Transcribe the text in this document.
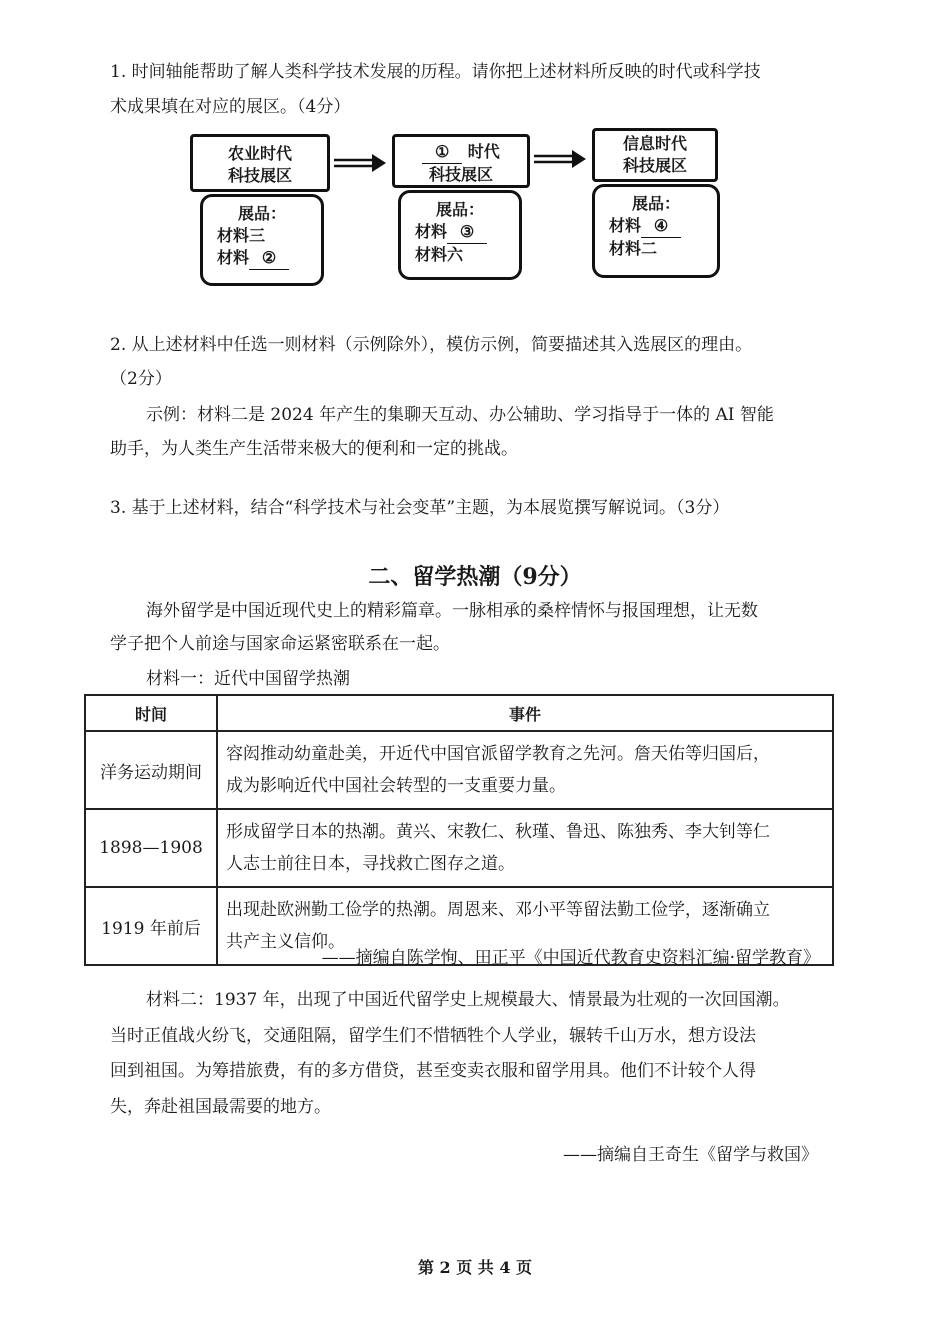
1. 时间轴能帮助了解人类科学技术发展的历程。请你把上述材料所反映的时代或科学技
术成果填在对应的展区。（4分）
农业时代
科技展区
① 时代
科技展区
信息时代
科技展区
展品：
材料三
材料 ②
展品：
材料 ③
材料六
展品：
材料 ④
材料二
2. 从上述材料中任选一则材料（示例除外），模仿示例，简要描述其入选展区的理由。
（2分）
示例：材料二是 2024 年产生的集聊天互动、办公辅助、学习指导于一体的 AI 智能
助手，为人类生产生活带来极大的便利和一定的挑战。
3. 基于上述材料，结合“科学技术与社会变革”主题，为本展览撰写解说词。（3分）
二、留学热潮（9分）
海外留学是中国近现代史上的精彩篇章。一脉相承的桑梓情怀与报国理想，让无数
学子把个人前途与国家命运紧密联系在一起。
材料一：近代中国留学热潮
时间	事件
洋务运动期间	容闳推动幼童赴美，开近代中国官派留学教育之先河。詹天佑等归国后，
成为影响近代中国社会转型的一支重要力量。

1898—1908	形成留学日本的热潮。黄兴、宋教仁、秋瑾、鲁迅、陈独秀、李大钊等仁
人志士前往日本，寻找救亡图存之道。

1919 年前后	出现赴欧洲勤工俭学的热潮。周恩来、邓小平等留法勤工俭学，逐渐确立
共产主义信仰。
——摘编自陈学恂、田正平《中国近代教育史资料汇编·留学教育》
材料二：1937 年，出现了中国近代留学史上规模最大、情景最为壮观的一次回国潮。
当时正值战火纷飞，交通阻隔，留学生们不惜牺牲个人学业，辗转千山万水，想方设法
回到祖国。为筹措旅费，有的多方借贷，甚至变卖衣服和留学用具。他们不计较个人得
失，奔赴祖国最需要的地方。
——摘编自王奇生《留学与救国》
第 2 页 共 4 页
